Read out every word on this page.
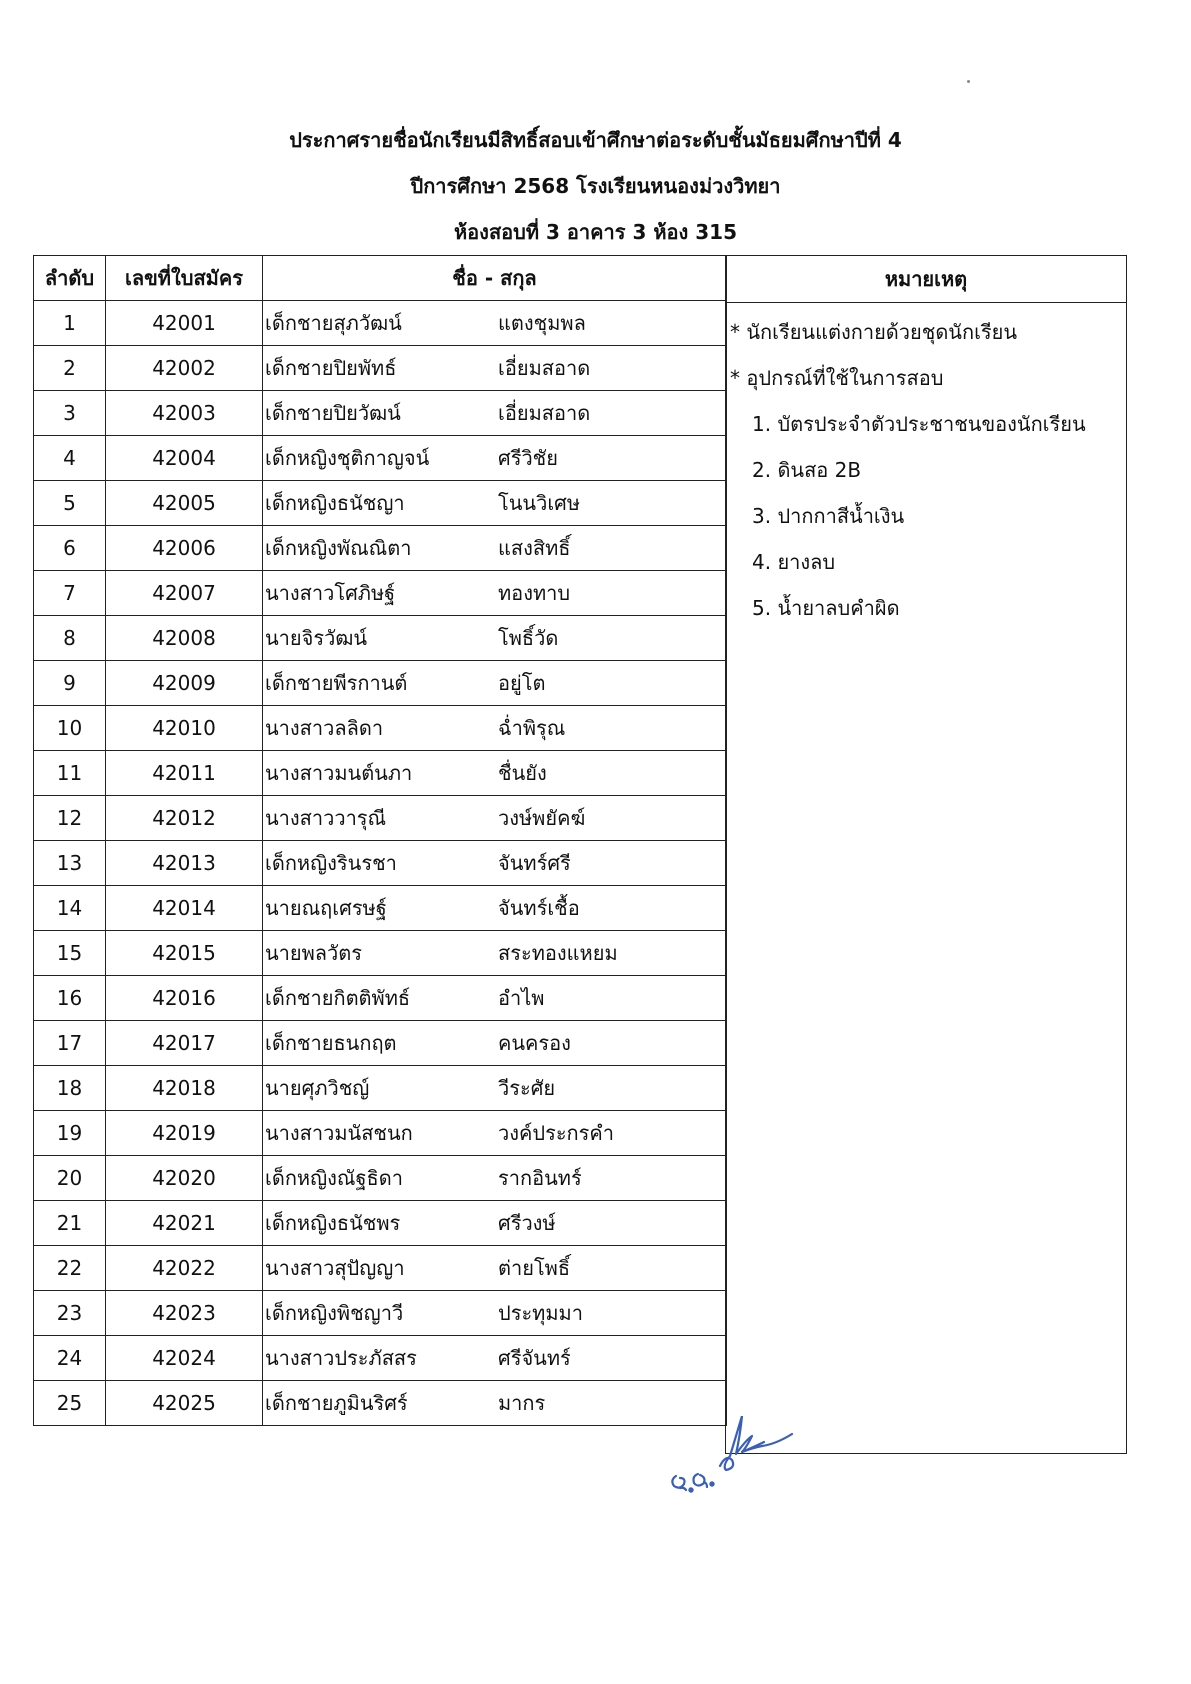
ประกาศรายชื่อนักเรียนมีสิทธิ์สอบเข้าศึกษาต่อระดับชั้นมัธยมศึกษาปีที่ 4
ปีการศึกษา 2568 โรงเรียนหนองม่วงวิทยา
ห้องสอบที่ 3 อาคาร 3 ห้อง 315
ลำดับ	เลขที่ใบสมัคร	ชื่อ - สกุล
1	42001	เด็กชายสุภวัฒน์ แตงชุมพล

2	42002	เด็กชายปิยพัทธ์ เอี่ยมสอาด

3	42003	เด็กชายปิยวัฒน์ เอี่ยมสอาด

4	42004	เด็กหญิงชุติกาญจน์ ศรีวิชัย

5	42005	เด็กหญิงธนัชญา โนนวิเศษ

6	42006	เด็กหญิงพัณณิตา แสงสิทธิ์

7	42007	นางสาวโศภิษฐ์ ทองทาบ

8	42008	นายจิรวัฒน์ โพธิ์วัด

9	42009	เด็กชายพีรกานต์ อยู่โต

10	42010	นางสาวลลิดา ฉ่ำพิรุณ

11	42011	นางสาวมนต์นภา ชื่นยัง

12	42012	นางสาววารุณี วงษ์พยัคฆ์

13	42013	เด็กหญิงรินรชา จันทร์ศรี

14	42014	นายณฤเศรษฐ์ จันทร์เชื้อ

15	42015	นายพลวัตร สระทองแหยม

16	42016	เด็กชายกิตติพัทธ์ อำไพ

17	42017	เด็กชายธนกฤต คนครอง

18	42018	นายศุภวิชญ์ วีระศัย

19	42019	นางสาวมนัสชนก วงค์ประกรคำ

20	42020	เด็กหญิงณัฐธิดา รากอินทร์

21	42021	เด็กหญิงธนัชพร ศรีวงษ์

22	42022	นางสาวสุปัญญา ต่ายโพธิ์

23	42023	เด็กหญิงพิชญาวี ประทุมมา

24	42024	นางสาวประภัสสร ศรีจันทร์

25	42025	เด็กชายภูมินริศร์ มากร
หมายเหตุ
* นักเรียนแต่งกายด้วยชุดนักเรียน
* อุปกรณ์ที่ใช้ในการสอบ
1. บัตรประจำตัวประชาชนของนักเรียน
2. ดินสอ 2B
3. ปากกาสีน้ำเงิน
4. ยางลบ
5. น้ำยาลบคำผิด
